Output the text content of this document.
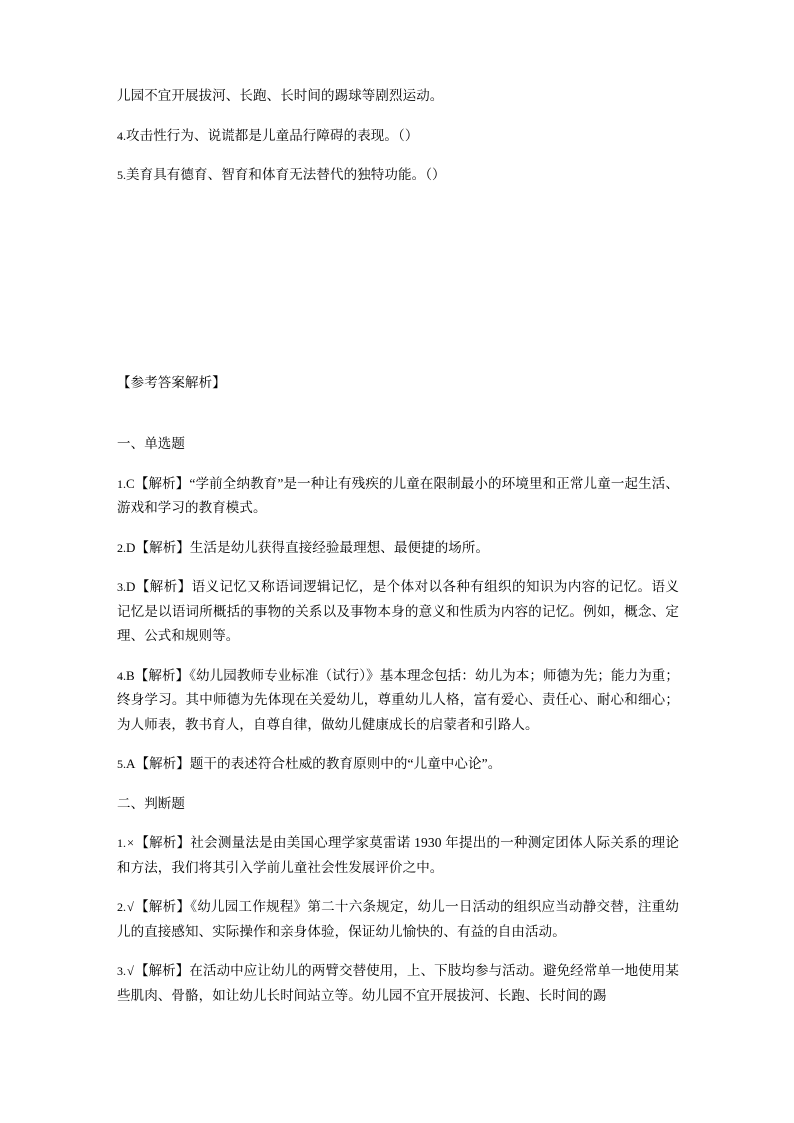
儿园不宜开展拔河、长跑、长时间的踢球等剧烈运动。

4.攻击性行为、说谎都是儿童品行障碍的表现。（）

5.美育具有德育、智育和体育无法替代的独特功能。（）

【参考答案解析】

一、单选题

1.C【解析】“学前全纳教育”是一种让有残疾的儿童在限制最小的环境里和正常儿童一起生活、游戏和学习的教育模式。

2.D【解析】生活是幼儿获得直接经验最理想、最便捷的场所。

3.D【解析】语义记忆又称语词逻辑记忆，是个体对以各种有组织的知识为内容的记忆。语义记忆是以语词所概括的事物的关系以及事物本身的意义和性质为内容的记忆。例如，概念、定理、公式和规则等。

4.B【解析】《幼儿园教师专业标准（试行）》基本理念包括：幼儿为本；师德为先；能力为重；终身学习。其中师德为先体现在关爱幼儿，尊重幼儿人格，富有爱心、责任心、耐心和细心；为人师表，教书育人，自尊自律，做幼儿健康成长的启蒙者和引路人。

5.A【解析】题干的表述符合杜威的教育原则中的“儿童中心论”。

二、判断题

1.×【解析】社会测量法是由美国心理学家莫雷诺 1930 年提出的一种测定团体人际关系的理论和方法，我们将其引入学前儿童社会性发展评价之中。

2.√【解析】《幼儿园工作规程》第二十六条规定，幼儿一日活动的组织应当动静交替，注重幼儿的直接感知、实际操作和亲身体验，保证幼儿愉快的、有益的自由活动。

3.√【解析】在活动中应让幼儿的两臂交替使用，上、下肢均参与活动。避免经常单一地使用某些肌肉、骨骼，如让幼儿长时间站立等。幼儿园不宜开展拔河、长跑、长时间的踢
